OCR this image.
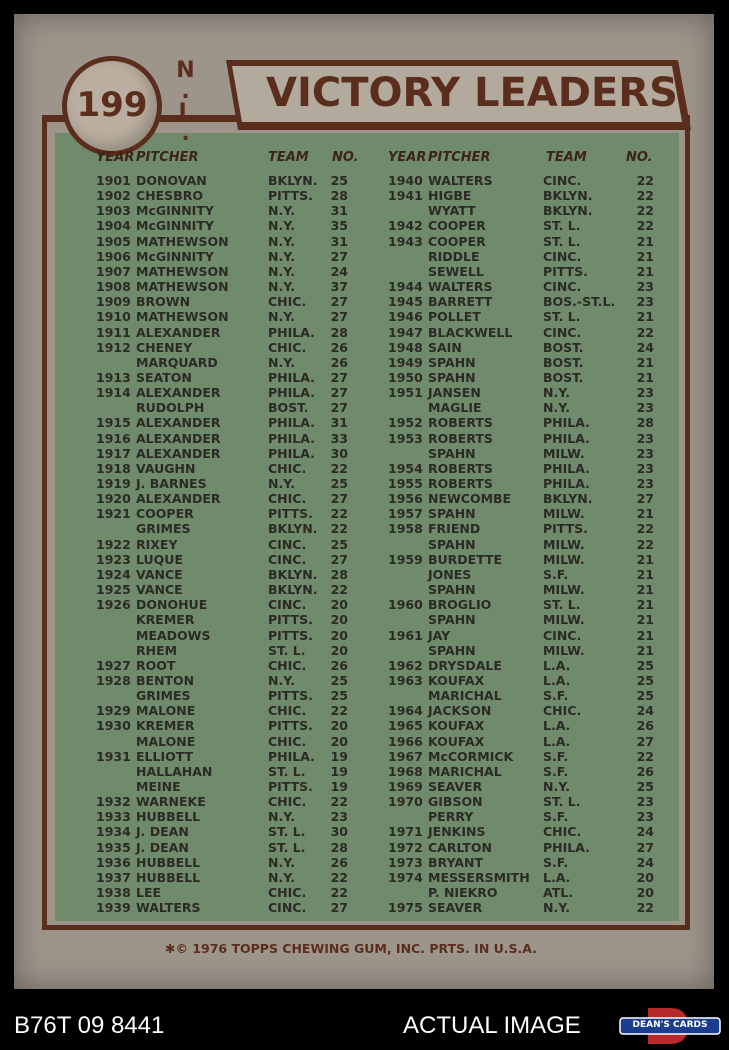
199	N.L. VICTORY LEADERS
YEAR PITCHER	TEAM NO. YEAR PITCHER	TEAM	NO.
1901 DONOVAN	BKLYN.	25
1902 CHESBRO	PITTS.	28
1903 McGINNITY	N.Y.	31
1904 McGINNITY	N.Y.	35
1905 MATHEWSON	N.Y.	31
1906 McGINNITY	N.Y.	27
1907 MATHEWSON	N.Y.	24
1908 MATHEWSON	N.Y.	37
1909 BROWN	CHIC.	27
1910 MATHEWSON	N.Y.	27
1911 ALEXANDER	PHILA.	28
1912 CHENEY	CHIC.	26
MARQUARD	N.Y.	26
1913 SEATON	PHILA.	27
1914 ALEXANDER	PHILA.	27
RUDOLPH	BOST.	27
1915 ALEXANDER	PHILA.	31
1916 ALEXANDER	PHILA.	33
1917 ALEXANDER	PHILA.	30
1918 VAUGHN	CHIC.	22
1919 J. BARNES	N.Y.	25
1920 ALEXANDER	CHIC.	27
1921 COOPER	PITTS.	22
GRIMES	BKLYN.	22
1922 RIXEY	CINC.	25
1923 LUQUE	CINC.	27
1924 VANCE	BKLYN.	28
1925 VANCE	BKLYN.	22
1926 DONOHUE	CINC.	20
KREMER	PITTS.	20
MEADOWS	PITTS.	20
RHEM	ST. L.	20
1927 ROOT	CHIC.	26
1928 BENTON	N.Y.	25
GRIMES	PITTS.	25
1929 MALONE	CHIC.	22
1930 KREMER	PITTS.	20
MALONE	CHIC.	20
1931 ELLIOTT	PHILA.	19
HALLAHAN	ST. L.	19
MEINE	PITTS.	19
1932 WARNEKE	CHIC.	22
1933 HUBBELL	N.Y.	23
1934 J. DEAN	ST. L.	30
1935 J. DEAN	ST. L.	28
1936 HUBBELL	N.Y.	26
1937 HUBBELL	N.Y.	22
1938 LEE	CHIC.	22
1939 WALTERS	CINC.	27
1940 WALTERS	CINC.	22
1941 HIGBE	BKLYN.	22
WYATT	BKLYN.	22
1942 COOPER	ST. L.	22
1943 COOPER	ST. L.	21
RIDDLE	CINC.	21
SEWELL	PITTS.	21
1944 WALTERS	CINC.	23
1945 BARRETT	BOS.-ST.L.	23
1946 POLLET	ST. L.	21
1947 BLACKWELL CINC.	22
1948 SAIN	BOST.	24
1949 SPAHN	BOST.	21
1950 SPAHN	BOST.	21
1951 JANSEN	N.Y.	23
MAGLIE	N.Y.	23
1952 ROBERTS	PHILA.	28
1953 ROBERTS	PHILA.	23
SPAHN	MILW.	23
1954 ROBERTS	PHILA.	23
1955 ROBERTS	PHILA.	23
1956 NEWCOMBE	BKLYN.	27
1957 SPAHN	MILW.	21
1958 FRIEND	PITTS.	22
SPAHN	MILW.	22
1959 BURDETTE	MILW.	21
JONES	S.F.	21
SPAHN	MILW.	21
1960 BROGLIO	ST. L.	21
SPAHN	MILW.	21
1961 JAY	CINC.	21
SPAHN	MILW.	21
1962 DRYSDALE	L.A.	25
1963 KOUFAX	L.A.	25
MARICHAL	S.F.	25
1964 JACKSON	CHIC.	24
1965 KOUFAX	L.A.	26
1966 KOUFAX	L.A.	27
1967 McCORMICK S.F.	22
1968 MARICHAL	S.F.	26
1969 SEAVER	N.Y.	25
1970 GIBSON	ST. L.	23
PERRY	S.F.	23
1971 JENKINS	CHIC.	24
1972 CARLTON	PHILA.	27
1973 BRYANT	S.F.	24
1974 MESSERSMITH L.A.	20
P. NIEKRO	ATL.	20
1975 SEAVER	N.Y.	22
✱© 1976 TOPPS CHEWING GUM, INC. PRTS. IN U.S.A.
B76T 09 8441	ACTUAL IMAGE	DEAN'S CARDS
